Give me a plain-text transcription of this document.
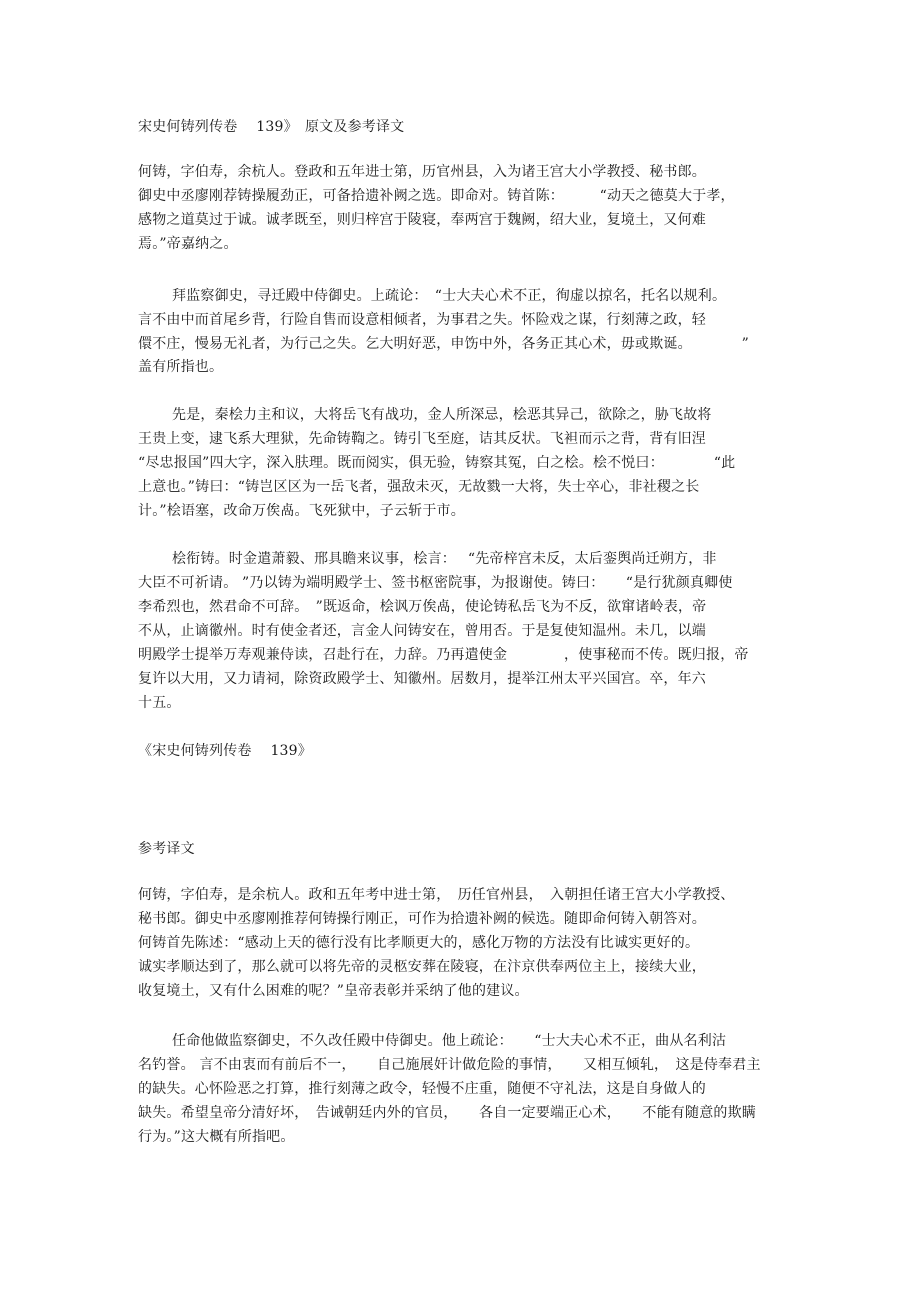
宋史何铸列传卷　 139》　原文及参考译文
何铸，字伯寿，余杭人。登政和五年进士第，历官州县，入为诸王宫大小学教授、秘书郎。
御史中丞廖刚荐铸操履劲正，可备拾遗补阙之选。即命对。铸首陈：　　　“动天之德莫大于孝，
感物之道莫过于诚。诚孝既至，则归梓宫于陵寝，奉两宫于魏阙，绍大业，复境土，又何难
焉。”帝嘉纳之。
拜监察御史，寻迁殿中侍御史。上疏论：　“士大夫心术不正，徇虚以掠名，托名以规利。
言不由中而首尾乡背，行险自售而设意相倾者，为事君之失。怀险戏之谋，行刻薄之政，轻
儇不庄，慢易无礼者，为行己之失。乞大明好恶，申饬中外，各务正其心术，毋或欺诞。　　　　”
盖有所指也。
先是，秦桧力主和议，大将岳飞有战功，金人所深忌，桧恶其异己，欲除之，胁飞故将
王贵上变，逮飞系大理狱，先命铸鞫之。铸引飞至庭，诘其反状。飞袒而示之背，背有旧涅
“尽忠报国”四大字，深入肤理。既而阅实，俱无验，铸察其冤，白之桧。桧不悦曰：　　　　“此
上意也。”铸曰：“铸岂区区为一岳飞者，强敌未灭，无故戮一大将，失士卒心，非社稷之长
计。”桧语塞，改命万俟卨。飞死狱中，子云斩于市。
桧衔铸。时金遣萧毅、邢具瞻来议事，桧言：　 “先帝梓宫未反，太后銮舆尚迁朔方，非
大臣不可祈请。 ”乃以铸为端明殿学士、签书枢密院事，为报谢使。铸曰：　　“是行犹颜真卿使
李希烈也，然君命不可辞。　”既返命，桧讽万俟卨，使论铸私岳飞为不反，欲窜诸岭表，帝
不从，止谪徽州。时有使金者还，言金人问铸安在，曾用否。于是复使知温州。未几，以端
明殿学士提举万寿观兼侍读，召赴行在，力辞。乃再遣使金　　　　，使事秘而不传。既归报，帝
复许以大用，又力请祠，除资政殿学士、知徽州。居数月，提举江州太平兴国宫。卒，年六
十五。
《宋史何铸列传卷　 139》
参考译文
何铸，字伯寿，是余杭人。政和五年考中进士第，　历任官州县，　入朝担任诸王宫大小学教授、
秘书郎。御史中丞廖刚推荐何铸操行刚正，可作为拾遗补阙的候选。随即命何铸入朝答对。
何铸首先陈述：“感动上天的德行没有比孝顺更大的，感化万物的方法没有比诚实更好的。
诚实孝顺达到了，那么就可以将先帝的灵柩安葬在陵寝，在汴京供奉两位主上，接续大业，
收复境土，又有什么困难的呢？”皇帝表彰并采纳了他的建议。
任命他做监察御史，不久改任殿中侍御史。他上疏论：　　“士大夫心术不正，曲从名利沽
名钓誉。 言不由衷而有前后不一，　　自己施展奸计做危险的事情，　　又相互倾轧，　这是侍奉君主
的缺失。心怀险恶之打算，推行刻薄之政令，轻慢不庄重，随便不守礼法，这是自身做人的
缺失。希望皇帝分清好坏，　告诫朝廷内外的官员，　　各自一定要端正心术，　　不能有随意的欺瞒
行为。”这大概有所指吧。
